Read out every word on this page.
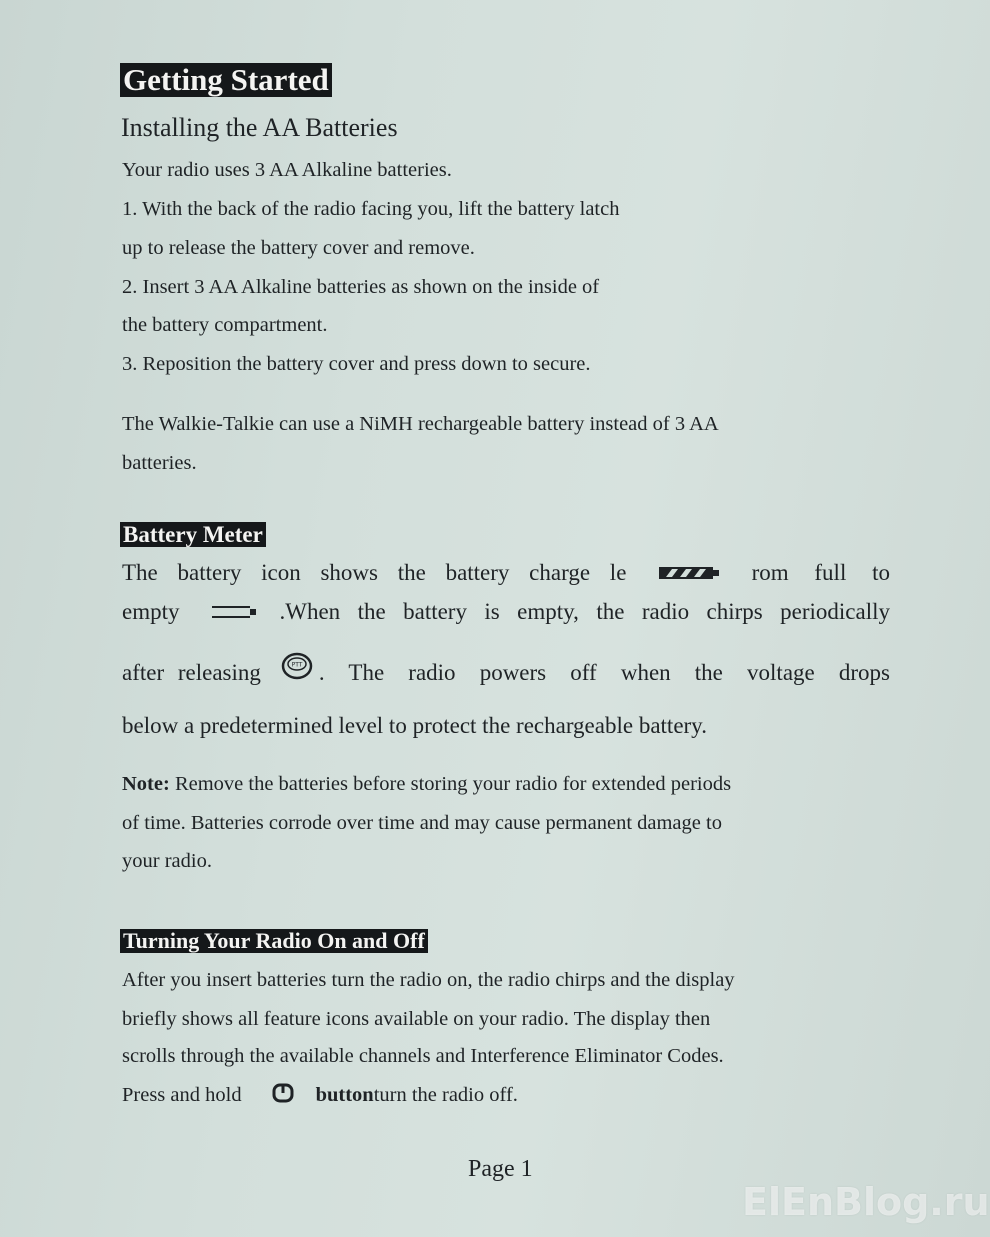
Getting Started
Installing the AA Batteries
Your radio uses 3 AA Alkaline batteries.
1. With the back of the radio facing you, lift the battery latch
up to release the battery cover and remove.
2. Insert 3 AA Alkaline batteries as shown on the inside of
the battery compartment.
3. Reposition the battery cover and press down to secure.
The Walkie-Talkie can use a NiMH rechargeable battery instead of 3 AA
batteries.
Battery Meter
The battery icon shows the battery charge le	rom full to
empty	.When the battery is empty, the radio chirps periodically
after releasing	PTT . The radio powers off when the voltage drops
below a predetermined level to protect the rechargeable battery.
Note: Remove the batteries before storing your radio for extended periods
of time. Batteries corrode over time and may cause permanent damage to
your radio.
Turning Your Radio On and Off
After you insert batteries turn the radio on, the radio chirps and the display
briefly shows all feature icons available on your radio. The display then
scrolls through the available channels and Interference Eliminator Codes.
Press and hold	button turn the radio off.
Page 1
ElEnBlog.ru
